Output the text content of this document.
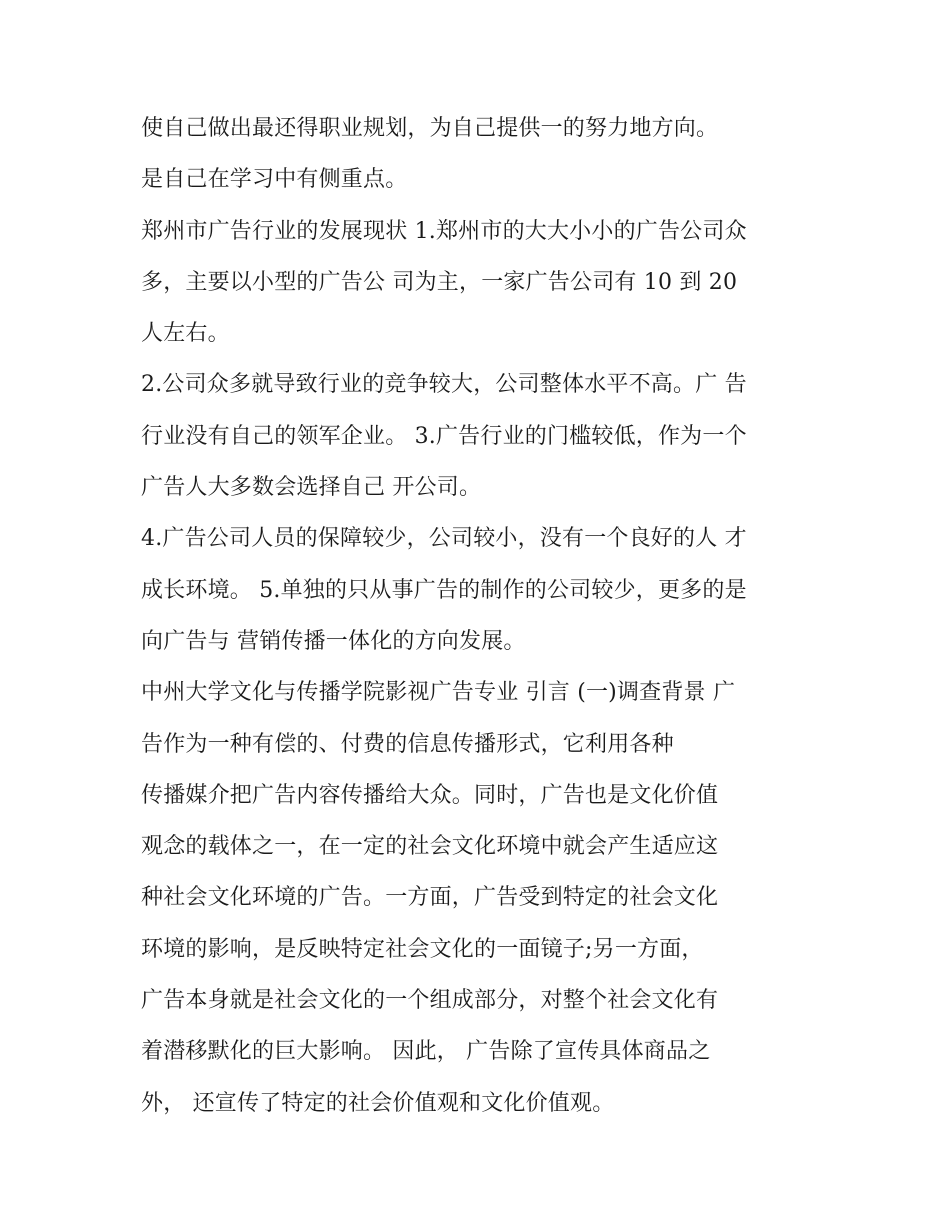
使自己做出最还得职业规划，为自己提供一的努力地方向。
是自己在学习中有侧重点。
郑州市广告行业的发展现状 1.郑州市的大大小小的广告公司众
多，主要以小型的广告公 司为主，一家广告公司有 10 到 20
人左右。
2.公司众多就导致行业的竞争较大，公司整体水平不高。广 告
行业没有自己的领军企业。 3.广告行业的门槛较低，作为一个
广告人大多数会选择自己 开公司。
4.广告公司人员的保障较少，公司较小，没有一个良好的人 才
成长环境。 5.单独的只从事广告的制作的公司较少，更多的是
向广告与 营销传播一体化的方向发展。
中州大学文化与传播学院影视广告专业 引言 (一)调查背景 广
告作为一种有偿的、付费的信息传播形式，它利用各种
传播媒介把广告内容传播给大众。同时，广告也是文化价值
观念的载体之一，在一定的社会文化环境中就会产生适应这
种社会文化环境的广告。一方面，广告受到特定的社会文化
环境的影响，是反映特定社会文化的一面镜子;另一方面，
广告本身就是社会文化的一个组成部分，对整个社会文化有
着潜移默化的巨大影响。 因此， 广告除了宣传具体商品之
外， 还宣传了特定的社会价值观和文化价值观。
